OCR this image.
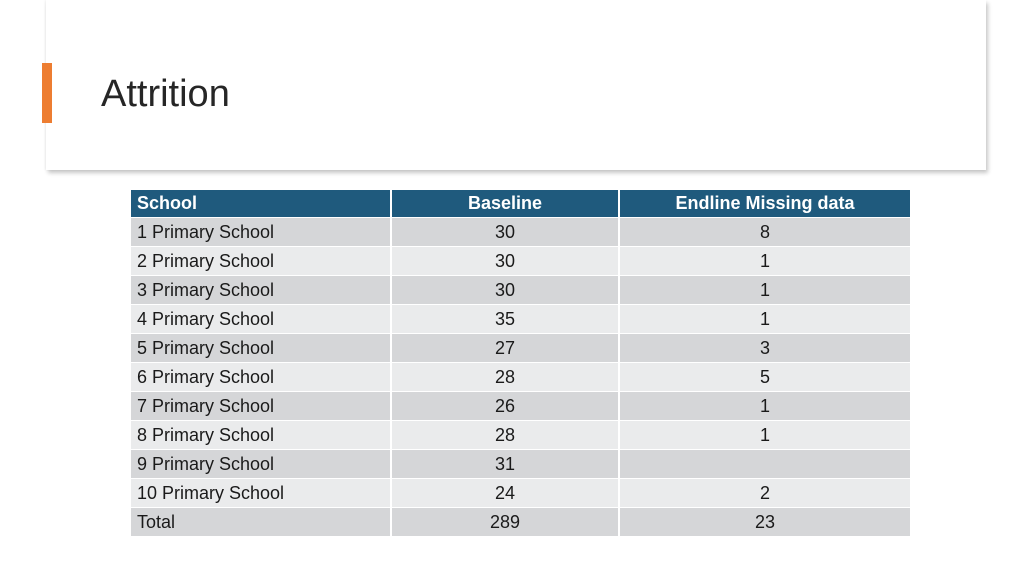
Attrition
School	Baseline	Endline Missing data
1 Primary School	30	8
2 Primary School	30	1
3 Primary School	30	1
4 Primary School	35	1
5 Primary School	27	3
6 Primary School	28	5
7 Primary School	26	1
8 Primary School	28	1
9 Primary School	31	
10 Primary School	24	2
Total	289	23
